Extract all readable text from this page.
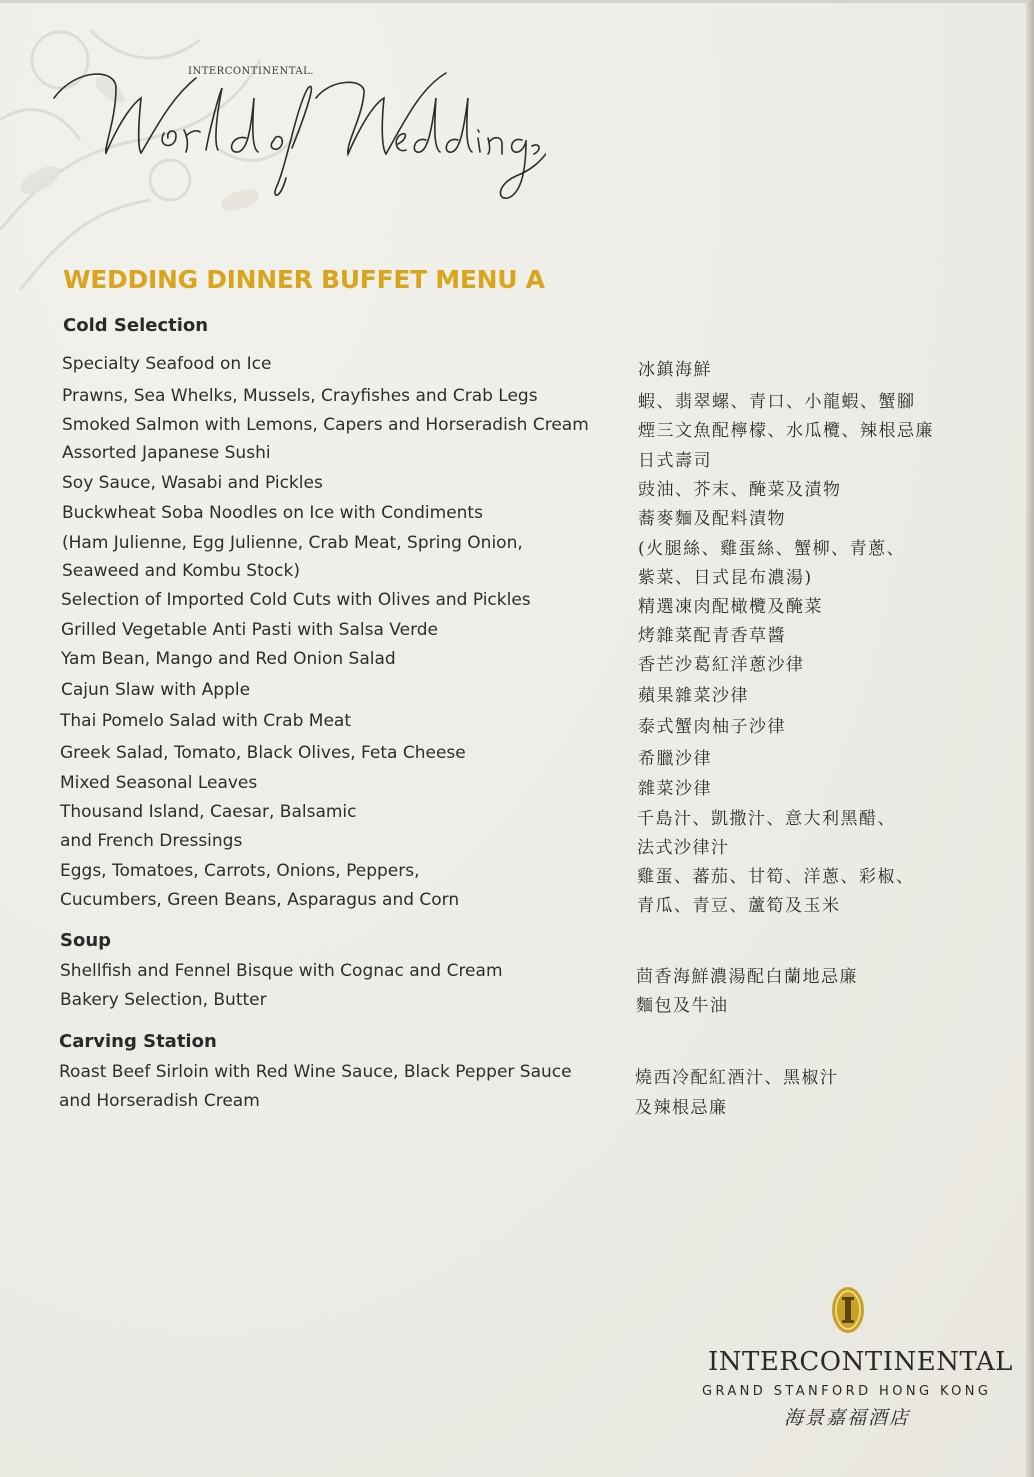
INTERCONTINENTAL.
WEDDING DINNER BUFFET MENU A
Cold Selection
Specialty Seafood on Ice	冰鎮海鮮
Prawns, Sea Whelks, Mussels, Crayfishes and Crab Legs	蝦、翡翠螺、青口、小龍蝦、蟹腳
Smoked Salmon with Lemons, Capers and Horseradish Cream	煙三文魚配檸檬、水瓜欖、辣根忌廉
Assorted Japanese Sushi	日式壽司
Soy Sauce, Wasabi and Pickles	豉油、芥末、醃菜及漬物
Buckwheat Soba Noodles on Ice with Condiments	蕎麥麵及配料漬物
(Ham Julienne, Egg Julienne, Crab Meat, Spring Onion,	(火腿絲、雞蛋絲、蟹柳、青蔥、
Seaweed and Kombu Stock)	紫菜、日式昆布濃湯)
Selection of Imported Cold Cuts with Olives and Pickles	精選凍肉配橄欖及醃菜
Grilled Vegetable Anti Pasti with Salsa Verde	烤雜菜配青香草醬
Yam Bean, Mango and Red Onion Salad	香芒沙葛紅洋蔥沙律
Cajun Slaw with Apple	蘋果雜菜沙律
Thai Pomelo Salad with Crab Meat	泰式蟹肉柚子沙律
Greek Salad, Tomato, Black Olives, Feta Cheese	希臘沙律
Mixed Seasonal Leaves	雜菜沙律
Thousand Island, Caesar, Balsamic	千島汁、凱撒汁、意大利黑醋、
and French Dressings	法式沙律汁
Eggs, Tomatoes, Carrots, Onions, Peppers,	雞蛋、蕃茄、甘筍、洋蔥、彩椒、
Cucumbers, Green Beans, Asparagus and Corn	青瓜、青豆、蘆筍及玉米
Soup
Shellfish and Fennel Bisque with Cognac and Cream	茴香海鮮濃湯配白蘭地忌廉
Bakery Selection, Butter	麵包及牛油
Carving Station
Roast Beef Sirloin with Red Wine Sauce, Black Pepper Sauce	燒西冷配紅酒汁、黑椒汁
and Horseradish Cream	及辣根忌廉
INTERCONTINENTAL
GRAND STANFORD HONG KONG
海景嘉福酒店
